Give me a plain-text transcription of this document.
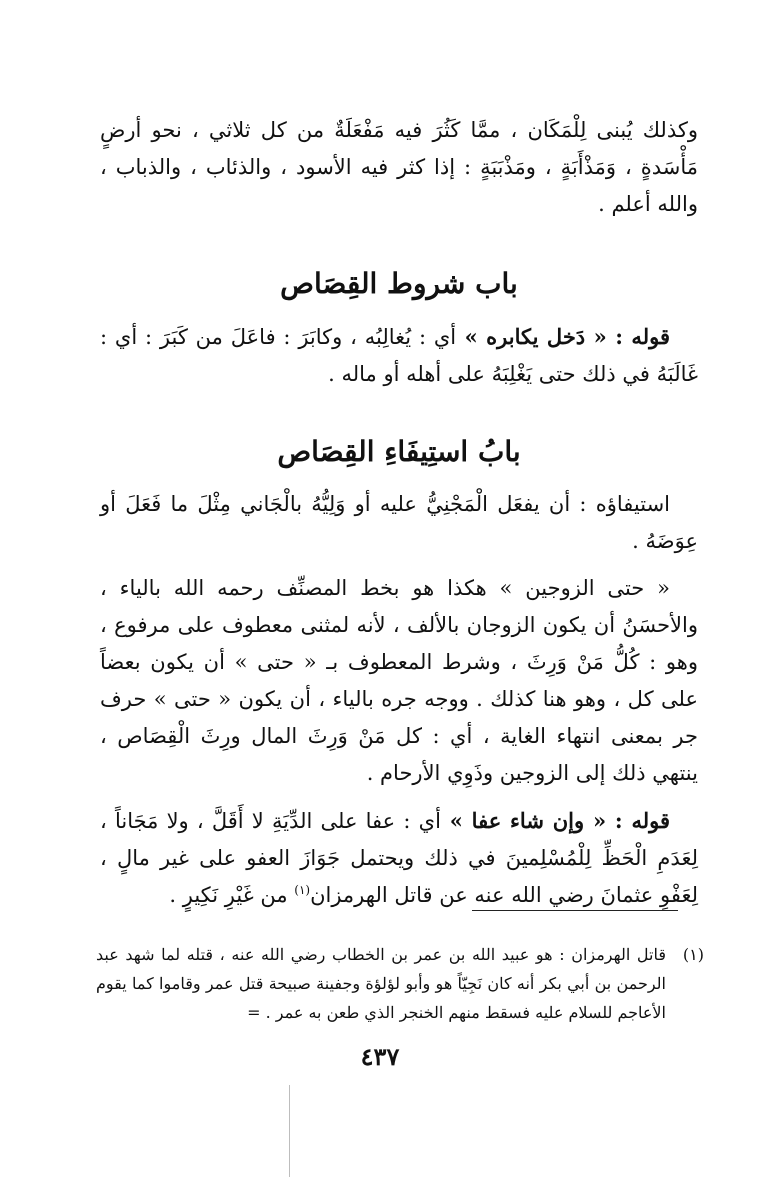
وكذلك يُبنى لِلْمَكَان ، ممَّا كَثُرَ فيه مَفْعَلَةٌ من كل ثلاثي ، نحو أرضٍ مَأْسَدةٍ ، وَمَذْأَبَةٍ ، ومَذْبَبَةٍ : إذا كثر فيه الأسود ، والذئاب ، والذباب ، والله أعلم .

باب شروط القِصَاص

قوله : « دَخل يكابره » أي : يُغالِبُه ، وكابَرَ : فاعَلَ من كَبَرَ : أي : غَالَبَهُ في ذلك حتى يَغْلِبَهُ على أهله أو ماله .

بابُ استِيفَاءِ القِصَاص

استيفاؤه : أن يفعَل الْمَجْنِيُّ عليه أو وَلِيُّهُ بالْجَاني مِثْلَ ما فَعَلَ أو عِوَضَهُ .

« حتى الزوجين » هكذا هو بخط المصنِّف رحمه الله بالياء ، والأحسَنُ أن يكون الزوجان بالألف ، لأنه لمثنى معطوف على مرفوع ، وهو : كُلُّ مَنْ وَرِثَ ، وشرط المعطوف بـ « حتى » أن يكون بعضاً على كل ، وهو هنا كذلك . ووجه جره بالياء ، أن يكون « حتى » حرف جر بمعنى انتهاء الغاية ، أي : كل مَنْ وَرِثَ المال ورِثَ الْقِصَاص ، ينتهي ذلك إلى الزوجين وذَوِي الأرحام .

قوله : « وإن شاء عفا » أي : عفا على الدِّيَةِ لا أَقَلَّ ، ولا مَجَاناً ، لِعَدَمِ الْحَظِّ لِلْمُسْلِمينَ في ذلك ويحتمل جَوَازَ العفو على غير مالٍ ، لِعَفْوِ عثمانَ رضي الله عنه عن قاتل الهرمزان$^{(١)}$ من غَيْرِ نَكِيرٍ .

(١)
قاتل الهرمزان : هو عبيد الله بن عمر بن الخطاب رضي الله عنه ، قتله لما شهد عبد الرحمن بن أبي بكر أنه كان نَجِيّاً هو وأبو لؤلؤة وجفينة صبيحة قتل عمر وقاموا كما يقوم الأعاجم للسلام عليه فسقط منهم الخنجر الذي طعن به عمر . =
٤٣٧
